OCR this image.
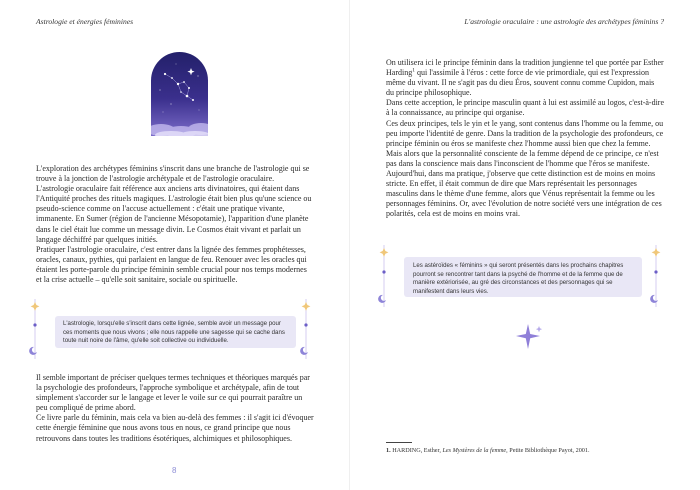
Astrologie et énergies féminines

L'exploration des archétypes féminins s'inscrit dans une branche de l'astrologie qui se trouve à la jonction de l'astrologie archétypale et de l'astrologie oraculaire.

L'astrologie oraculaire fait référence aux anciens arts divinatoires, qui étaient dans l'Antiquité proches des rituels magiques. L'astrologie était bien plus qu'une science ou pseudo-science comme on l'accuse actuellement : c'était une pratique vivante, immanente. En Sumer (région de l'ancienne Mésopotamie), l'apparition d'une planète dans le ciel était lue comme un message divin. Le Cosmos était vivant et parlait un langage déchiffré par quelques initiés.

Pratiquer l'astrologie oraculaire, c'est entrer dans la lignée des femmes prophétesses, oracles, canaux, pythies, qui parlaient en langue de feu. Renouer avec les oracles qui étaient les porte-parole du principe féminin semble crucial pour nos temps modernes et la crise actuelle – qu'elle soit sanitaire, sociale ou spirituelle.

L'astrologie, lorsqu'elle s'inscrit dans cette lignée, semble avoir un message pour ces moments que nous vivons ; elle nous rappelle une sagesse qui se cache dans toute nuit noire de l'âme, qu'elle soit collective ou individuelle.

Il semble important de préciser quelques termes techniques et théoriques marqués par la psychologie des profondeurs, l'approche symbolique et archétypale, afin de tout simplement s'accorder sur le langage et lever le voile sur ce qui pourrait paraître un peu compliqué de prime abord.

Ce livre parle du féminin, mais cela va bien au-delà des femmes : il s'agit ici d'évoquer cette énergie féminine que nous avons tous en nous, ce grand principe que nous retrouvons dans toutes les traditions ésotériques, alchimiques et philosophiques.

8
L'astrologie oraculaire : une astrologie des archétypes féminins ?

On utilisera ici le principe féminin dans la tradition jungienne tel que portée par Esther Harding$^1$ qui l'assimile à l'éros : cette force de vie primordiale, qui est l'expression même du vivant. Il ne s'agit pas du dieu Éros, souvent connu comme Cupidon, mais du principe philosophique.

Dans cette acception, le principe masculin quant à lui est assimilé au logos, c'est-à-dire à la connaissance, au principe qui organise.

Ces deux principes, tels le yin et le yang, sont contenus dans l'homme ou la femme, ou peu importe l'identité de genre. Dans la tradition de la psychologie des profondeurs, ce principe féminin ou éros se manifeste chez l'homme aussi bien que chez la femme. Mais alors que la personnalité consciente de la femme dépend de ce principe, ce n'est pas dans la conscience mais dans l'inconscient de l'homme que l'éros se manifeste.

Aujourd'hui, dans ma pratique, j'observe que cette distinction est de moins en moins stricte. En effet, il était commun de dire que Mars représentait les personnages masculins dans le thème d'une femme, alors que Vénus représentait la femme ou les personnages féminins. Or, avec l'évolution de notre société vers une intégration de ces polarités, cela est de moins en moins vrai.

Les astéroïdes « féminins » qui seront présentés dans les prochains chapitres pourront se rencontrer tant dans la psyché de l'homme et de la femme que de manière extériorisée, au gré des circonstances et des personnages qui se manifestent dans leurs vies.
1. HARDING, Esther, Les Mystères de la femme, Petite Bibliothèque Payot, 2001.
